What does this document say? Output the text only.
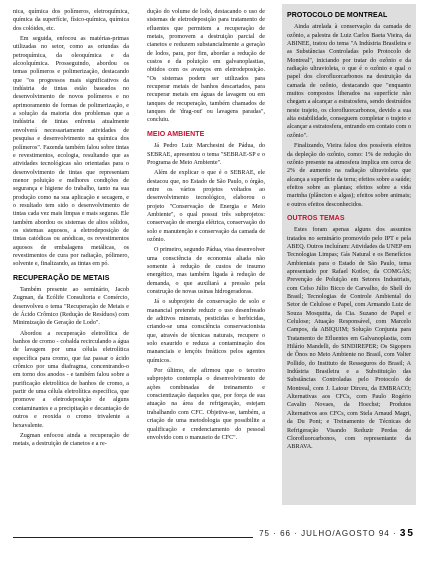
nica, química dos polímeros, eletroquímica, química da superfície, físico-química, química dos colóides, etc.

Em seguida, enfocou as matérias-primas utilizadas no setor, como as oriundas da petroquímica, da oleoquímica e da alcoolquímica. Prosseguindo, abordou os temas polímeros e polimerização, destacando que "os progressos mais significativos da indústria de tintas estão baseados no desenvolvimento de novos polímeros e no aprimoramento de formas de polimerização, e a solução da maioria dos problemas que a indústria de tintas enfrenta atualmente envolverá necessariamente atividades de pesquisa e desenvolvimento na química dos polímeros". Fazenda também falou sobre tintas e revestimentos, ecologia, resultando que as atividades tecnológicas são orientadas para o desenvolvimento de tintas que representam menor poluição e melhores condições de segurança e higiene do trabalho, tanto na sua produção como na sua aplicação e secagem, e o resultado tem sido o desenvolvimento de tintas cada vez mais limpas e mais seguras. Ele também abordou os sistemas de altos sólidos, os sistemas aquosos, a eletrodeposição de tintas catódicas ou anódicas, os revestimentos aquosos de embalagens metálicas, os revestimentos de cura por radiação, pólimero, solvente e, finalizando, as tintas em pó.

RECUPERAÇÃO DE METAIS

Também presente ao seminário, Jacob Zugman, da Ecólife Consultoria e Comércio, desenvolveu o tema "Recuperação de Metais e de Ácido Crômico (Redução de Resíduos) com Minimização de Geração de Lodo".

Abordou a recuperação eletrolítica de banhos de cromo - cobalda recirculando a água de lavagem por uma célula eletrolítica específica para cromo, que faz passar o ácido crômico por uma diafragma, concentrando-o em torno dos anodos - e também falou sobre a purificação eletrolítica de banhos de cromo, a partir de uma célula eletrolítica específica, que promove a eletrodeposição de alguns contaminantes e a precipitação e decantação de outros e reoxida o cromo trivalente a hexavalente.

Zugman enfocou ainda a recuperação de metais, a destruição de cianetos e a re-

dução do volume de lodo, destacando o uso de sistemas de eletrodeposição para tratamento de efluentes que permitem a recuperação de metais, promovem a destruição parcial de cianetos e reduzem substancialmente a geração de lodos, para, por fim, abordar a redução de custos e da poluição em galvanoplastias, obtidos com os avanços em eletrodeposição. "Os sistemas podem ser utilizados para recuperar metais de banhos descartados, para recuperar metais em águas de lavagem ou em tanques de recuperação, também chamados de tanques de 'drag-out' ou lavagens paradas", concluiu.

MEIO AMBIENTE

Já Pedro Luiz Marchesini de Pádua, do SEBRAE, apresentou o tema "SEBRAE-SP e o Programa de Meio Ambiente".

Além de explicar o que é o SEBRAE, ele destacou que, no Estado de São Paulo, o órgão, entre os vários projetos voltados ao desenvolvimento tecnológico, elaborou o projeto "Conservação de Energia e Meio Ambiente", o qual possui três subprojetos: conservação de energia elétrica, conservação do solo e manutenção e conservação da camada de ozônio.

O primeiro, segundo Pádua, visa desenvolver uma consciência de economia aliada não somente à redução de custos de insumo energético, mas também ligada à redução de demanda, o que auxiliará a pressão pela construção de novas usinas hidrogeradoras.

Já o subprojeto de conservação de solo e manancial pretende reduzir o uso desenfreado de aditivos minerais, pesticidas e herbicidas, criando-se uma consciência conservacionista que, através de técnicas naturais, recupere o solo exaurido e reduza a contaminação dos mananciais e lençóis freáticos pelos agentes químicos.

Por último, ele afirmou que o terceiro subprojeto contempla o desenvolvimento de ações combinadas de treinamento e conscientização daqueles que, por força de sua atuação na área de refrigeração, estejam trabalhando com CFC. Objetiva-se, também, a criação de uma metodologia que possibilite a qualificação e credenciamento do pessoal envolvido com o manuseio de CFC".

PROTOCOLO DE MONTREAL

Ainda atrelada à conservação da camada de ozônio, a palestra de Luiz Carlos Baeta Vieira, da ABINEE, tratou do tema "A Indústria Brasileira e as Substâncias Controladas pelo Protocolo de Montreal", iniciando por tratar do ozônio e da radiação ultravioleta, o que é o ozônio e qual o papel dos clorofluorcarbonos na destruição da camada de ozônio, destacando que "enquanto muitos compostos liberados na superfície não chegam a alcançar a estratosfera, sendo destruídos neste trajeto, os clorofluorcarbonos, devido a sua alta estabilidade, conseguem completar o trajeto e alcançar a estratosfera, entrando em contato com o ozônio".

Finalizando, Vieira falou dos possíveis efeitos da depleção do ozônio, como: 1% de redução do ozônio presente na atmosfera implica em cerca de 2% de aumento na radiação ultravioleta que alcança a superfície da terra; efeitos sobre a saúde; efeitos sobre as plantas; efeitos sobre a vida marinha (plâncton e algas); efeitos sobre animais; e outros efeitos desconhecidos.

OUTROS TEMAS

Estes foram apenas alguns dos assuntos tratados no seminário promovido pelo IPT e pela ABEQ. Outros incluíram: Atividades da UNEP em Tecnologias Limpas; Gás Natural e os Benefícios Ambientais para o Estado de São Paulo, tema apresentado por Rafael Kotlov, da COMGÁS; Prevenção de Poluição em Setores Industriais, com Celso Júlio Bicco de Carvalho, do Shell do Brasil; Tecnologias de Controle Ambiental do Setor de Celulose e Papel, com Armando Luiz de Souza Mosquitta, da Cia. Suzano de Papel e Celulose; Atuação Responsável, com Marcelo Campos, da ABIQUIM; Solução Conjunta para Tratamento de Efluentes em Galvanoplastia, com Hilário Mandelli, do SINDIREPER; Os Sigopers de Ônos no Meio Ambiente no Brasil, com Valter Pollido, do Instituto de Resseguros do Brasil; A Indústria Brasileira e a Substituição das Substâncias Controladas pelo Protocolo de Montreal, com J. Latour Dirceu, da EMBRACO; Alternativas aos CFCs, com Paulo Rogério Cavalin Novaes, da Hoechst; Produtos Alternativos aos CFCs, com Stela Arnaud Magri, da Du Pont; e Treinamento de Técnicas de Refrigeração Visando Reduzir Perdas de Clorofluorcarbonos, com representante da ABRAVA.

75 · 66 · JULHO/AGOSTO 94 · 35
